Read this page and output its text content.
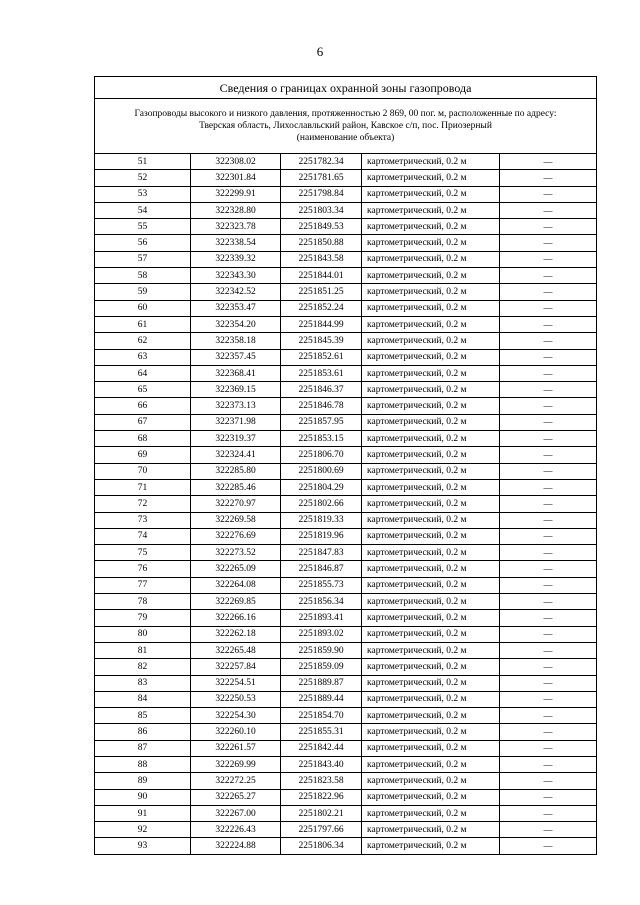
6
Сведения о границах охранной зоны газопровода				

Газопроводы высокого и низкого давления, протяженностью 2 869, 00 пог. м, расположенные по адресу:
Тверская область, Лихославльский район, Кавское с/п, пос. Приозерный
(наименование объекта)				

51	322308.02	2251782.34	картометрический, 0.2 м	—
52	322301.84	2251781.65	картометрический, 0.2 м	—
53	322299.91	2251798.84	картометрический, 0.2 м	—
54	322328.80	2251803.34	картометрический, 0.2 м	—
55	322323.78	2251849.53	картометрический, 0.2 м	—
56	322338.54	2251850.88	картометрический, 0.2 м	—
57	322339.32	2251843.58	картометрический, 0.2 м	—
58	322343.30	2251844.01	картометрический, 0.2 м	—
59	322342.52	2251851.25	картометрический, 0.2 м	—
60	322353.47	2251852.24	картометрический, 0.2 м	—
61	322354.20	2251844.99	картометрический, 0.2 м	—
62	322358.18	2251845.39	картометрический, 0.2 м	—
63	322357.45	2251852.61	картометрический, 0.2 м	—
64	322368.41	2251853.61	картометрический, 0.2 м	—
65	322369.15	2251846.37	картометрический, 0.2 м	—
66	322373.13	2251846.78	картометрический, 0.2 м	—
67	322371.98	2251857.95	картометрический, 0.2 м	—
68	322319.37	2251853.15	картометрический, 0.2 м	—
69	322324.41	2251806.70	картометрический, 0.2 м	—
70	322285.80	2251800.69	картометрический, 0.2 м	—
71	322285.46	2251804.29	картометрический, 0.2 м	—
72	322270.97	2251802.66	картометрический, 0.2 м	—
73	322269.58	2251819.33	картометрический, 0.2 м	—
74	322276.69	2251819.96	картометрический, 0.2 м	—
75	322273.52	2251847.83	картометрический, 0.2 м	—
76	322265.09	2251846.87	картометрический, 0.2 м	—
77	322264.08	2251855.73	картометрический, 0.2 м	—
78	322269.85	2251856.34	картометрический, 0.2 м	—
79	322266.16	2251893.41	картометрический, 0.2 м	—
80	322262.18	2251893.02	картометрический, 0.2 м	—
81	322265.48	2251859.90	картометрический, 0.2 м	—
82	322257.84	2251859.09	картометрический, 0.2 м	—
83	322254.51	2251889.87	картометрический, 0.2 м	—
84	322250.53	2251889.44	картометрический, 0.2 м	—
85	322254.30	2251854.70	картометрический, 0.2 м	—
86	322260.10	2251855.31	картометрический, 0.2 м	—
87	322261.57	2251842.44	картометрический, 0.2 м	—
88	322269.99	2251843.40	картометрический, 0.2 м	—
89	322272.25	2251823.58	картометрический, 0.2 м	—
90	322265.27	2251822.96	картометрический, 0.2 м	—
91	322267.00	2251802.21	картометрический, 0.2 м	—
92	322226.43	2251797.66	картометрический, 0.2 м	—
93	322224.88	2251806.34	картометрический, 0.2 м	—
